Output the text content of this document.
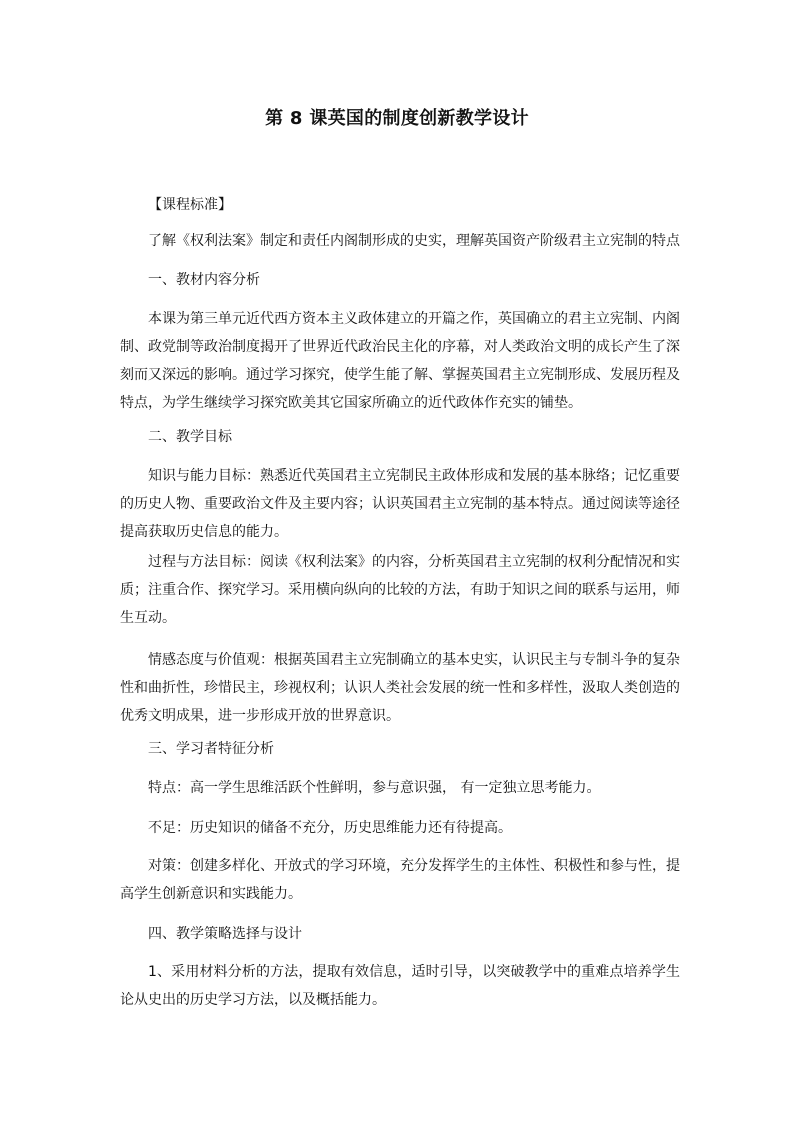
第 8 课英国的制度创新教学设计
【课程标准】
了解《权利法案》制定和责任内阁制形成的史实，理解英国资产阶级君主立宪制的特点
一、教材内容分析
本课为第三单元近代西方资本主义政体建立的开篇之作，英国确立的君主立宪制、内阁制、政党制等政治制度揭开了世界近代政治民主化的序幕，对人类政治文明的成长产生了深刻而又深远的影响。通过学习探究，使学生能了解、掌握英国君主立宪制形成、发展历程及特点，为学生继续学习探究欧美其它国家所确立的近代政体作充实的铺垫。
二、教学目标
知识与能力目标：熟悉近代英国君主立宪制民主政体形成和发展的基本脉络；记忆重要的历史人物、重要政治文件及主要内容；认识英国君主立宪制的基本特点。通过阅读等途径提高获取历史信息的能力。
过程与方法目标：阅读《权利法案》的内容，分析英国君主立宪制的权利分配情况和实质；注重合作、探究学习。采用横向纵向的比较的方法，有助于知识之间的联系与运用，师生互动。
情感态度与价值观：根据英国君主立宪制确立的基本史实，认识民主与专制斗争的复杂性和曲折性，珍惜民主，珍视权利；认识人类社会发展的统一性和多样性，汲取人类创造的优秀文明成果，进一步形成开放的世界意识。
三、学习者特征分析
特点：高一学生思维活跃个性鲜明，参与意识强， 有一定独立思考能力。
不足：历史知识的储备不充分，历史思维能力还有待提高。
对策：创建多样化、开放式的学习环境，充分发挥学生的主体性、积极性和参与性，提高学生创新意识和实践能力。
四、教学策略选择与设计
1、采用材料分析的方法，提取有效信息，适时引导，以突破教学中的重难点培养学生论从史出的历史学习方法，以及概括能力。
